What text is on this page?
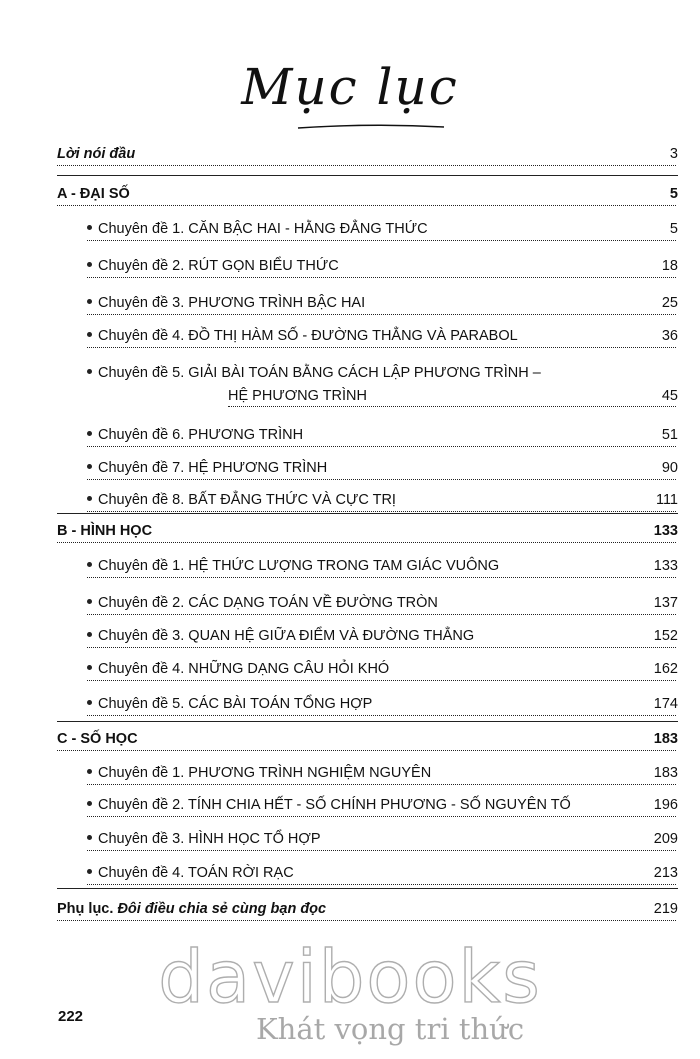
Mục lục
Lời nói đầu	3
A - ĐẠI SỐ	5
Chuyên đề 1. CĂN BẬC HAI - HẰNG ĐẲNG THỨC	5
Chuyên đề 2. RÚT GỌN BIỂU THỨC	18
Chuyên đề 3. PHƯƠNG TRÌNH BẬC HAI	25
Chuyên đề 4. ĐỒ THỊ HÀM SỐ - ĐƯỜNG THẲNG VÀ PARABOL	36
Chuyên đề 5. GIẢI BÀI TOÁN BẰNG CÁCH LẬP PHƯƠNG TRÌNH –
HỆ PHƯƠNG TRÌNH	45
Chuyên đề 6. PHƯƠNG TRÌNH	51
Chuyên đề 7. HỆ PHƯƠNG TRÌNH	90
Chuyên đề 8. BẤT ĐẲNG THỨC VÀ CỰC TRỊ	111
B - HÌNH HỌC	133
Chuyên đề 1. HỆ THỨC LƯỢNG TRONG TAM GIÁC VUÔNG	133
Chuyên đề 2. CÁC DẠNG TOÁN VỀ ĐƯỜNG TRÒN	137
Chuyên đề 3. QUAN HỆ GIỮA ĐIỂM VÀ ĐƯỜNG THẲNG	152
Chuyên đề 4. NHỮNG DẠNG CÂU HỎI KHÓ	162
Chuyên đề 5. CÁC BÀI TOÁN TỔNG HỢP	174
C - SỐ HỌC	183
Chuyên đề 1. PHƯƠNG TRÌNH NGHIỆM NGUYÊN	183
Chuyên đề 2. TÍNH CHIA HẾT - SỐ CHÍNH PHƯƠNG - SỐ NGUYÊN TỐ	196
Chuyên đề 3. HÌNH HỌC TỔ HỢP	209
Chuyên đề 4. TOÁN RỜI RẠC	213
Phụ lục. Đôi điều chia sẻ cùng bạn đọc	219
222	davibooks
Khát vọng tri thức
